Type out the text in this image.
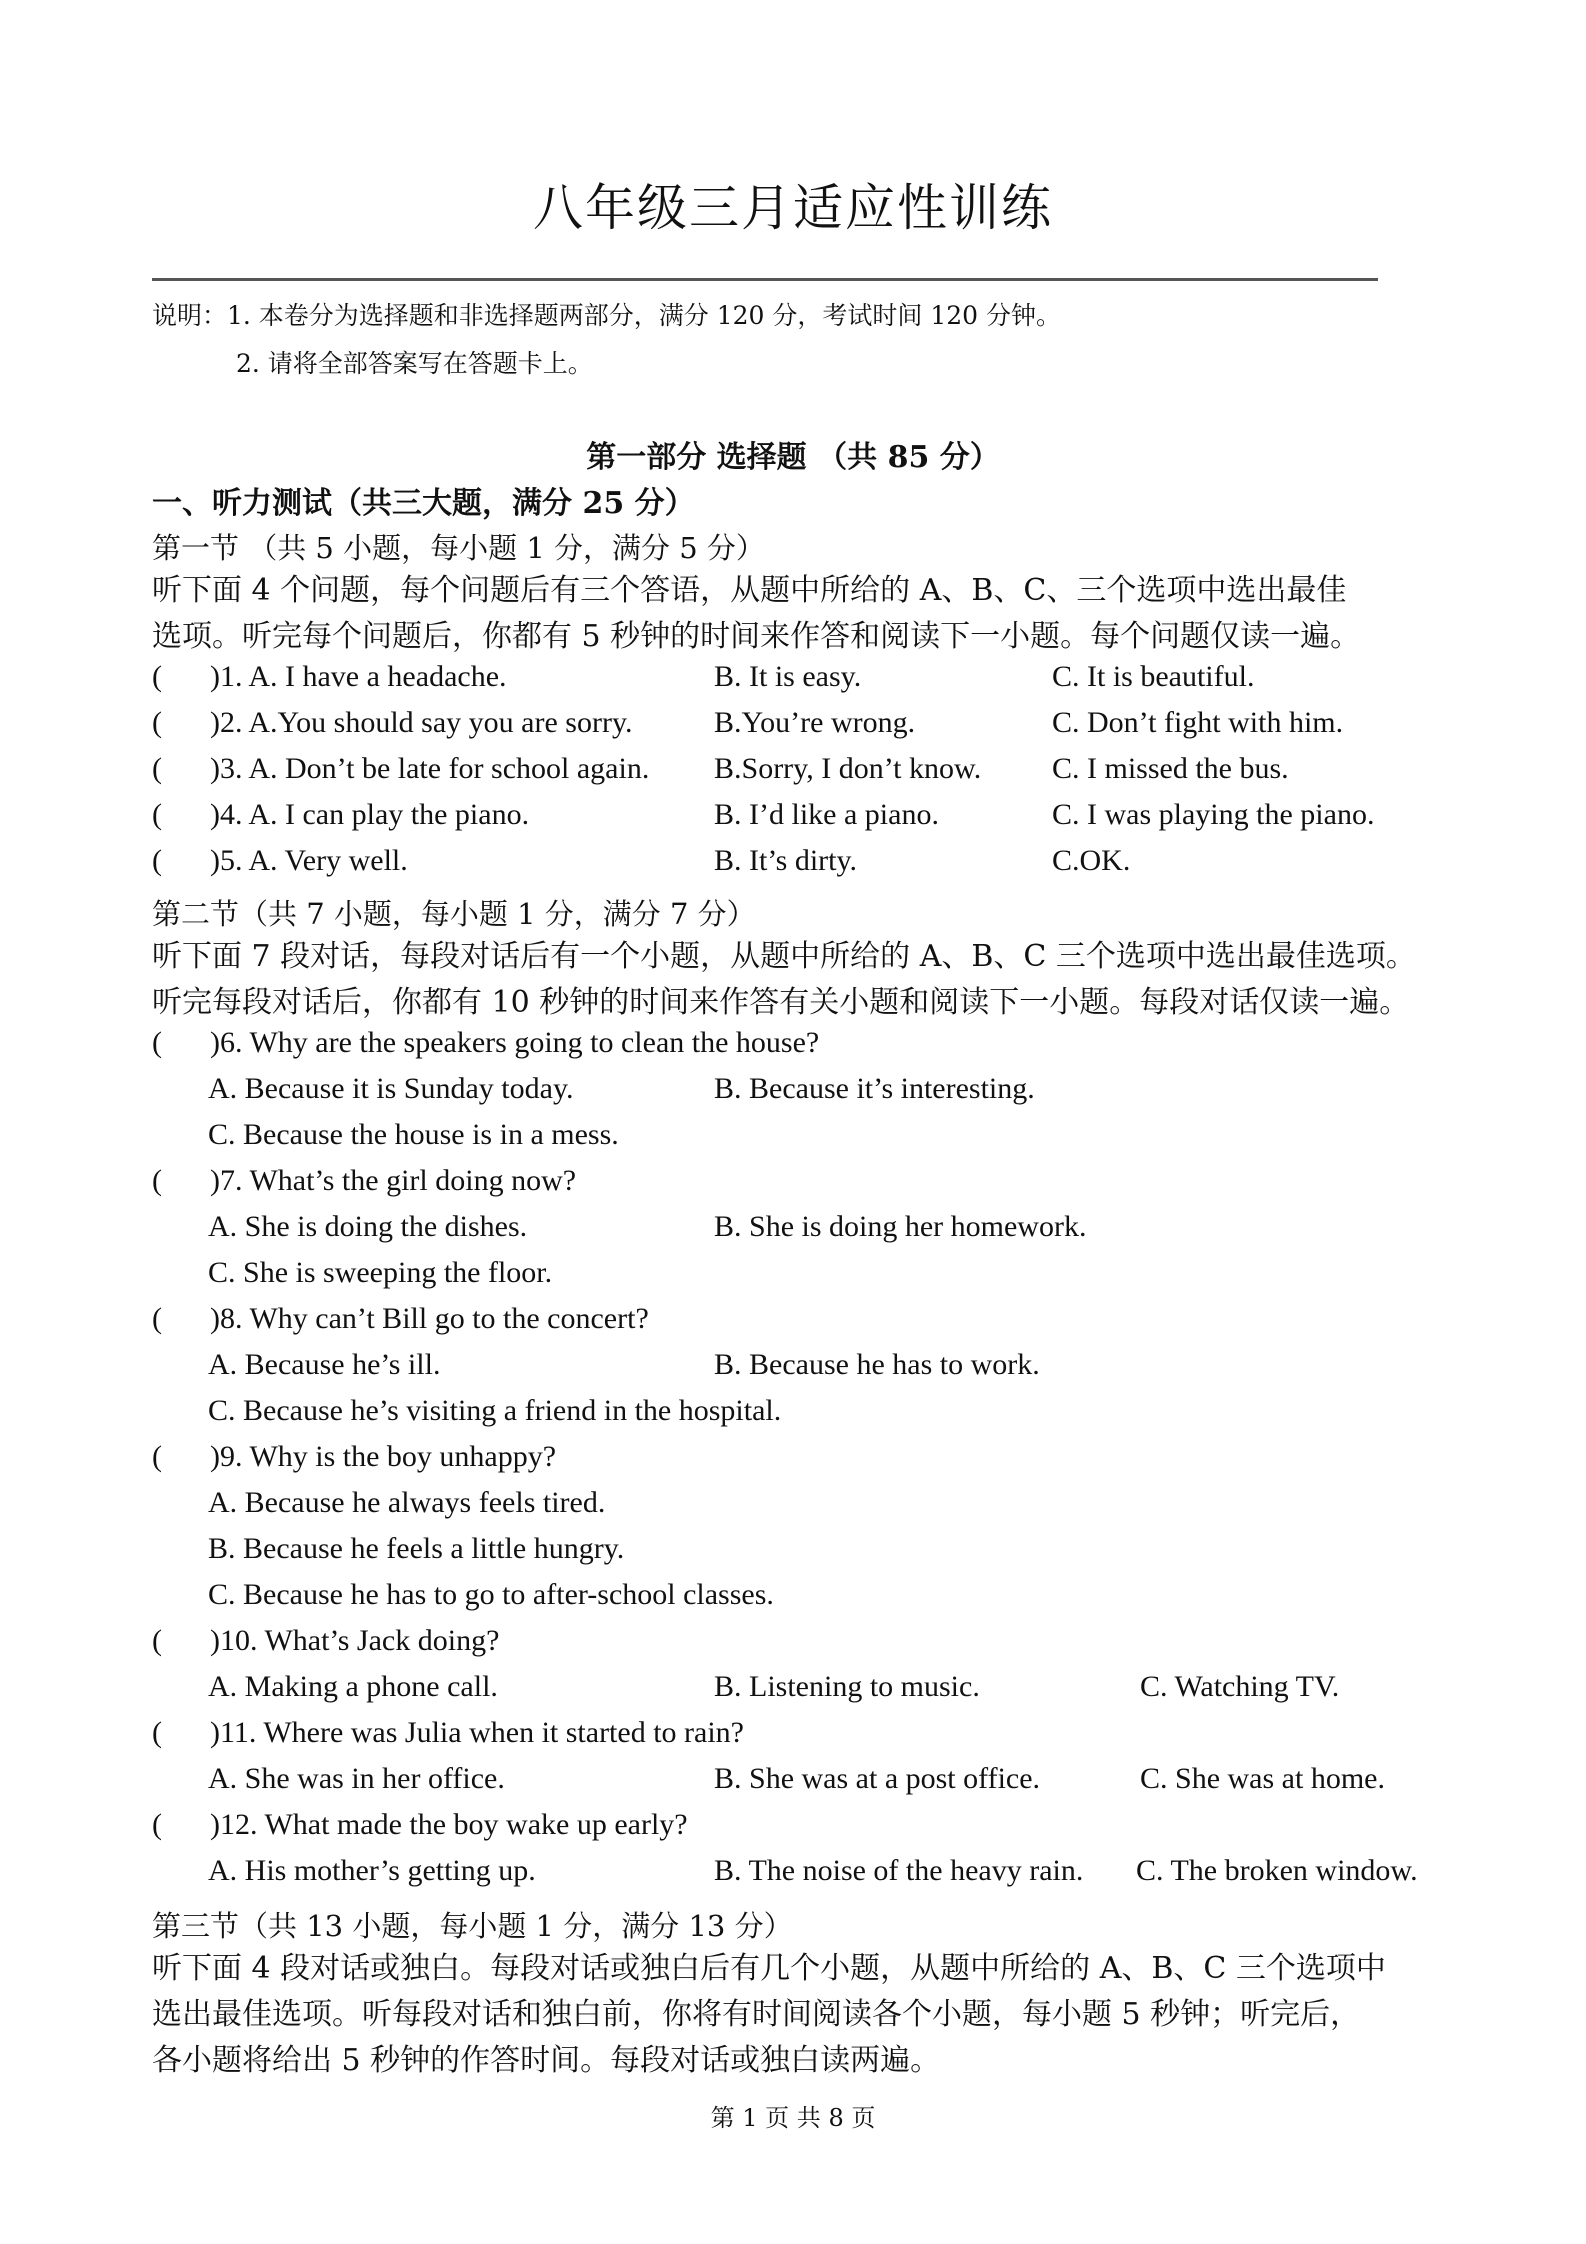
八年级三月适应性训练
说明：1. 本卷分为选择题和非选择题两部分，满分 120 分，考试时间 120 分钟。
2. 请将全部答案写在答题卡上。
第一部分 选择题 （共 85 分）
一、听力测试（共三大题，满分 25 分）
第一节 （共 5 小题，每小题 1 分，满分 5 分）
听下面 4 个问题，每个问题后有三个答语，从题中所给的 A、B、C、三个选项中选出最佳
选项。听完每个问题后，你都有 5 秒钟的时间来作答和阅读下一小题。每个问题仅读一遍。
( )1. A. I have a headache.	B. It is easy.	C. It is beautiful.
( )2. A.You should say you are sorry.	B.You’re wrong.	C. Don’t fight with him.
( )3. A. Don’t be late for school again. B.Sorry, I don’t know. C. I missed the bus.
( )4. A. I can play the piano.	B. I’d like a piano.	C. I was playing the piano.
( )5. A. Very well.	B. It’s dirty.	C.OK.
第二节（共 7 小题，每小题 1 分，满分 7 分）
听下面 7 段对话，每段对话后有一个小题，从题中所给的 A、B、C 三个选项中选出最佳选项。
听完每段对话后，你都有 10 秒钟的时间来作答有关小题和阅读下一小题。每段对话仅读一遍。
( )6. Why are the speakers going to clean the house?
A. Because it is Sunday today.	B. Because it’s interesting.
C. Because the house is in a mess.
( )7. What’s the girl doing now?
A. She is doing the dishes.	B. She is doing her homework.
C. She is sweeping the floor.
( )8. Why can’t Bill go to the concert?
A. Because he’s ill.	B. Because he has to work.
C. Because he’s visiting a friend in the hospital.
( )9. Why is the boy unhappy?
A. Because he always feels tired.
B. Because he feels a little hungry.
C. Because he has to go to after-school classes.
( )10. What’s Jack doing?
A. Making a phone call.	B. Listening to music.	C. Watching TV.
( )11. Where was Julia when it started to rain?
A. She was in her office.	B. She was at a post office.	C. She was at home.
( )12. What made the boy wake up early?
A. His mother’s getting up.	B. The noise of the heavy rain. C. The broken window.
第三节（共 13 小题，每小题 1 分，满分 13 分）
听下面 4 段对话或独白。每段对话或独白后有几个小题，从题中所给的 A、B、C 三个选项中
选出最佳选项。听每段对话和独白前，你将有时间阅读各个小题，每小题 5 秒钟；听完后，
各小题将给出 5 秒钟的作答时间。每段对话或独白读两遍。
第 1 页 共 8 页
